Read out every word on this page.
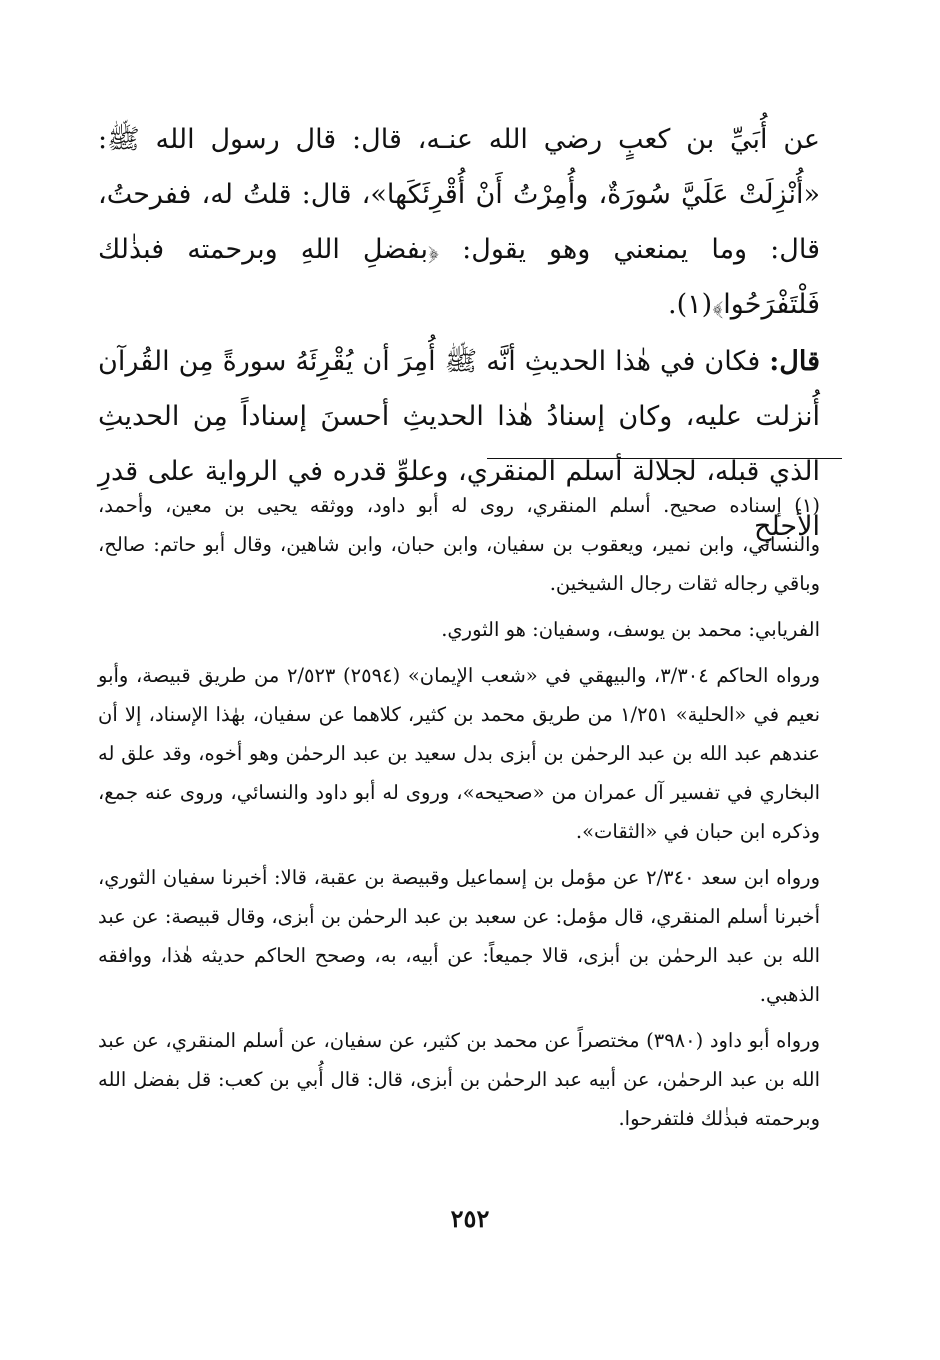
عن أُبَيِّ بن كعبٍ رضي الله عنـه، قال: قال رسول الله ﷺ: «أُنْزِلَتْ عَلَيَّ سُورَةٌ، وأُمِرْتُ أَنْ أُقْرِئَكَها»، قال: قلتُ له، ففرحتُ، قال: وما يمنعني وهو يقول: ﴿بفضلِ اللهِ وبرحمته فبذٰلك فَلْتَفْرَحُوا﴾(١).

قال: فكان في هٰذا الحديثِ أنَّه ﷺ أُمِرَ أن يُقْرِئَهُ سورةً مِن القُرآن أُنزلت عليه، وكان إسنادُ هٰذا الحديثِ أحسنَ إسناداً مِن الحديثِ الذي قبله، لجلالة أسلم المنقري، وعلوِّ قدره في الرواية على قدرِ الأجلحِ

(١) إسناده صحيح. أسلم المنقري، روى له أبو داود، ووثقه يحيى بن معين، وأحمد، والنسائي، وابن نمير، ويعقوب بن سفيان، وابن حبان، وابن شاهين، وقال أبو حاتم: صالح، وباقي رجاله ثقات رجال الشيخين.

الفريابي: محمد بن يوسف، وسفيان: هو الثوري.

ورواه الحاكم ٣/٣٠٤، والبيهقي في «شعب الإيمان» (٢٥٩٤) ٢/٥٢٣ من طريق قبيصة، وأبو نعيم في «الحلية» ١/٢٥١ من طريق محمد بن كثير، كلاهما عن سفيان، بهٰذا الإسناد، إلا أن عندهم عبد الله بن عبد الرحمٰن بن أبزى بدل سعيد بن عبد الرحمٰن وهو أخوه، وقد علق له البخاري في تفسير آل عمران من «صحيحه»، وروى له أبو داود والنسائي، وروى عنه جمع، وذكره ابن حبان في «الثقات».

ورواه ابن سعد ٢/٣٤٠ عن مؤمل بن إسماعيل وقبيصة بن عقبة، قالا: أخبرنا سفيان الثوري، أخبرنا أسلم المنقري، قال مؤمل: عن سعبد بن عبد الرحمٰن بن أبزى، وقال قبيصة: عن عبد الله بن عبد الرحمٰن بن أبزى، قالا جميعاً: عن أبيه، به، وصحح الحاكم حديثه هٰذا، ووافقه الذهبي.

ورواه أبو داود (٣٩٨٠) مختصراً عن محمد بن كثير، عن سفيان، عن أسلم المنقري، عن عبد الله بن عبد الرحمٰن، عن أبيه عبد الرحمٰن بن أبزى، قال: قال أُبي بن كعب: قل بفضل الله وبرحمته فبذٰلك فلتفرحوا.

٢٥٢
